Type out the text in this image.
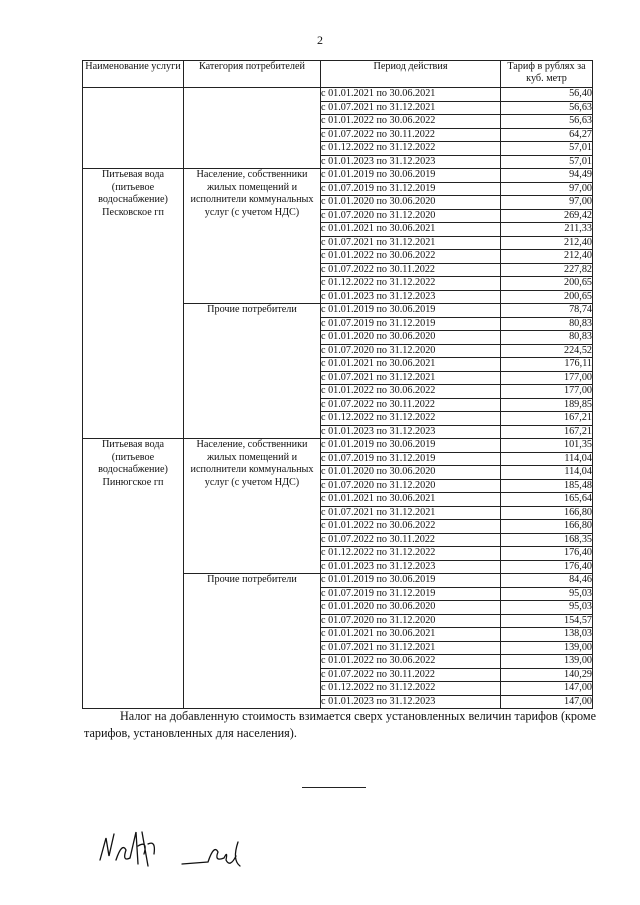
2
Наименование услуги	Категория потребителей	Период действия	Тариф в рублях за куб. метр
		с 01.01.2021 по 30.06.2021	56,40
		с 01.07.2021 по 31.12.2021	56,63
		с 01.01.2022 по 30.06.2022	56,63
		с 01.07.2022 по 30.11.2022	64,27
		с 01.12.2022 по 31.12.2022	57,01
		с 01.01.2023 по 31.12.2023	57,01
Питьевая вода (питьевое водоснабжение) Песковское гп	Население, собственники жилых помещений и исполнители коммунальных услуг (с учетом НДС)	с 01.01.2019 по 30.06.2019	94,49
		с 01.07.2019 по 31.12.2019	97,00
		с 01.01.2020 по 30.06.2020	97,00
		с 01.07.2020 по 31.12.2020	269,42
		с 01.01.2021 по 30.06.2021	211,33
		с 01.07.2021 по 31.12.2021	212,40
		с 01.01.2022 по 30.06.2022	212,40
		с 01.07.2022 по 30.11.2022	227,82
		с 01.12.2022 по 31.12.2022	200,65
		с 01.01.2023 по 31.12.2023	200,65
	Прочие потребители	с 01.01.2019 по 30.06.2019	78,74
		с 01.07.2019 по 31.12.2019	80,83
		с 01.01.2020 по 30.06.2020	80,83
		с 01.07.2020 по 31.12.2020	224,52
		с 01.01.2021 по 30.06.2021	176,11
		с 01.07.2021 по 31.12.2021	177,00
		с 01.01.2022 по 30.06.2022	177,00
		с 01.07.2022 по 30.11.2022	189,85
		с 01.12.2022 по 31.12.2022	167,21
		с 01.01.2023 по 31.12.2023	167,21
Питьевая вода (питьевое водоснабжение) Пинюгское гп	Население, собственники жилых помещений и исполнители коммунальных услуг (с учетом НДС)	с 01.01.2019 по 30.06.2019	101,35
		с 01.07.2019 по 31.12.2019	114,04
		с 01.01.2020 по 30.06.2020	114,04
		с 01.07.2020 по 31.12.2020	185,48
		с 01.01.2021 по 30.06.2021	165,64
		с 01.07.2021 по 31.12.2021	166,80
		с 01.01.2022 по 30.06.2022	166,80
		с 01.07.2022 по 30.11.2022	168,35
		с 01.12.2022 по 31.12.2022	176,40
		с 01.01.2023 по 31.12.2023	176,40
	Прочие потребители	с 01.01.2019 по 30.06.2019	84,46
		с 01.07.2019 по 31.12.2019	95,03
		с 01.01.2020 по 30.06.2020	95,03
		с 01.07.2020 по 31.12.2020	154,57
		с 01.01.2021 по 30.06.2021	138,03
		с 01.07.2021 по 31.12.2021	139,00
		с 01.01.2022 по 30.06.2022	139,00
		с 01.07.2022 по 30.11.2022	140,29
		с 01.12.2022 по 31.12.2022	147,00
		с 01.01.2023 по 31.12.2023	147,00
Налог на добавленную стоимость взимается сверх установленных величин тарифов (кроме тарифов, установленных для населения).
